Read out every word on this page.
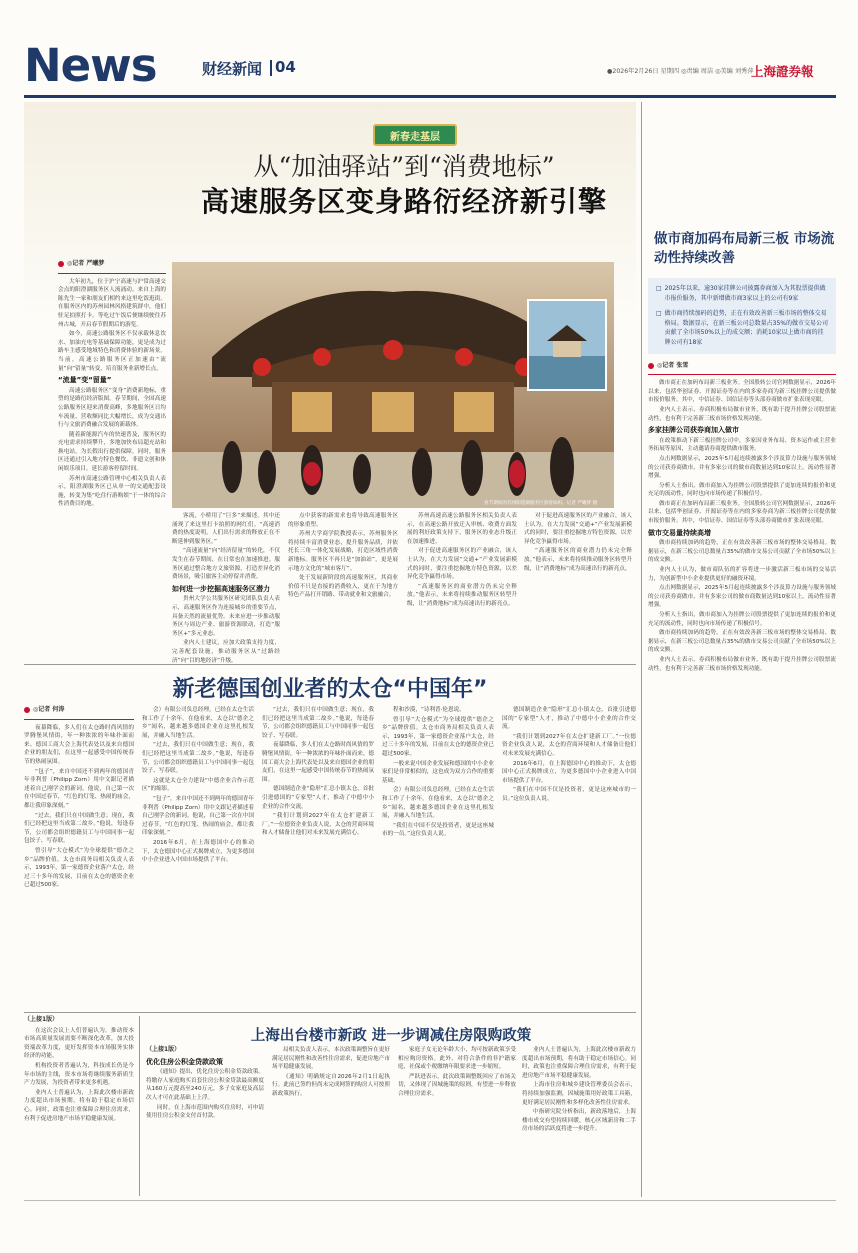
News	财经新闻 04	●2026年2月26日 星期四 ◎责编 周洁 ◎美编 刘秀萍
上海證券報
新春走基层
从“加油驿站”到“消费地标”
高速服务区变身路衍经济新引擎
◎记者 严曦梦

大年初九，位于沪宁高速与沪常高速交会点的阳澄湖服务区人流涌动。来自上海的陈先生一家和朋友们相约来这里吃饭逛街。在服务区内的苏州园林风格建筑群中，他们驻足拍照打卡，等吃过午饭后便继续驶往苏州古城，开启春节假期后的游览。

如今，高速公路服务区不仅承载休息饮水、加油充电等基础保障功能，更是成为过路车主感受地域特色和消费体验的新场景。当前，高速公路服务区正加速由“流量”向“留量”转变，培育服务业新增长点。

“流量”变“留量”

高速公路服务区“变身”消费新地标，重塑的是路衍经济版图。春节期间，全国高速公路服务区迎来消费高峰，多地服务区日均车流量、营收额同比大幅增长，成为交通出行与文旅消费融合发展的新载体。

随着新能源汽车的快速普及，服务区的充电需求持续攀升，多地加快布局超充站和换电站，为长假出行提供保障。同时，服务区还通过引入地方特色餐饮、非遗文创和休闲娱乐项目，延长游客停留时间。

苏州市高速公路管理中心相关负责人表示，阳澄湖服务区已从单一的交通配套设施，转变为集“吃住行游购娱”于一体的综合性消费目的地。	春节期间的苏州阳澄湖服务区游客如织。记者 严曦梦 摄

客流，小桥用了“巨多”来描述。其中还涌现了来这里打卡拍照的网红们。“高速消费的热度说明，人们出行需求的释放正在不断延伸到服务区。”

“高速流量”向“经济留量”的转化，不仅发生在春节期间，在日常也在加速推进。服务区通过整合地方文旅资源，打造差异化消费场景，吸引旅客主动停留并消费。

如何进一步挖掘高速服务区潜力

贵州大学公共服务区研究团队负责人表示，高速服务区作为连接城乡的重要节点，具备天然的流量优势。未来应进一步推动服务区与周边产业、旅游资源联动，打造“服务区+”多元业态。

业内人士建议，应加大政策支持力度，完善配套设施，推动服务区从“过路经济”向“目的地经济”升级。

点中获客的新需求也将导致高速服务区的形象重塑。

苏州大学商学院教授表示，苏州服务区将持续丰富消费业态，提升服务品质，并依托长三角一体化发展战略，打造区域性消费新地标。服务区不再只是“加油站”，更是展示地方文化的“城市客厅”。

处于发展新阶段的高速服务区，其商业价值不只是直接的消费收入，更在于为地方特色产品打开销路、带动就业和文旅融合。

苏州高速高速公路服务区相关负责人表示，在高速公路开放迁入审核、收费方面发展的利好政策支持下，服务区的业态升级正在加速推进。

对于促进高速服务区的产业融合，该人士认为，在大力发展“交通+”产业发展新模式的同时，要注重挖掘地方特色资源，以差异化竞争赢得市场。

“高速服务区的商业潜力仍未完全释放。”他表示，未来将持续推动服务区转型升级，让“消费地标”成为高速出行的新亮点。

对于促进高速服务区的产业融合，该人士认为，在大力发展“交通+”产业发展新模式的同时，要注重挖掘地方特色资源，以差异化竞争赢得市场。

“高速服务区的商业潜力仍未完全释放。”他表示，未来将持续推动服务区转型升级，让“消费地标”成为高速出行的新亮点。

做市商加码布局新三板 市场流动性持续改善
□ 2025年以来，逾30家挂牌公司披露券商加入为其股票提供做市报价服务，其中新增做市商3家以上的公司有9家
□ 做市商持续加码的趋势，正在有效改善新三板市场的整体交易格局。数据显示，在新三板公司总数量占35%的做市交易公司贡献了全市场50%以上的成交额；消耗10家以上做市商的挂牌公司有18家
◎记者 张雪

做市商正在加码布局新三板业务。全国股转公司官网数据显示，2026年以来，包括华创证券、开源证券等在内的多家券商为新三板挂牌公司提供做市报价服务。其中，中信证券、国信证券等头部券商做市扩张表现亮眼。

业内人士表示，券商积极布局做市业务，既有助于提升挂牌公司股票流动性，也有利于完善新三板市场价格发现功能。

多家挂牌公司获券商加入做市

在政策推动下新三板挂牌公司中，多家因业务布局、资本运作或主营业务拓展等原因，主动邀请券商提供做市服务。

点击网数据显示，2025年5月起连续披露多个涉及算力设施与服务领域的公司获券商做市，并有多家公司的做市商数量达到10家以上，流动性显著增强。

分析人士指出，做市商加入为挂牌公司股票提供了更加连续的报价和更充足的流动性，同时也向市场传递了积极信号。

做市商正在加码布局新三板业务。全国股转公司官网数据显示，2026年以来，包括华创证券、开源证券等在内的多家券商为新三板挂牌公司提供做市报价服务。其中，中信证券、国信证券等头部券商做市扩张表现亮眼。

做市交易量持续高增

做市商持续加码的趋势，正在有效改善新三板市场的整体交易格局。数据显示，在新三板公司总数量占35%的做市交易公司贡献了全市场50%以上的成交额。

业内人士认为，做市商队伍的扩容将进一步激活新三板市场的交易活力，为创新型中小企业提供更好的融资环境。

点击网数据显示，2025年5月起连续披露多个涉及算力设施与服务领域的公司获券商做市，并有多家公司的做市商数量达到10家以上，流动性显著增强。

分析人士指出，做市商加入为挂牌公司股票提供了更加连续的报价和更充足的流动性，同时也向市场传递了积极信号。

做市商持续加码的趋势，正在有效改善新三板市场的整体交易格局。数据显示，在新三板公司总数量占35%的做市交易公司贡献了全市场50%以上的成交额。

业内人士表示，券商积极布局做市业务，既有助于提升挂牌公司股票流动性，也有利于完善新三板市场价格发现功能。

新老德国创业者的太仓“中国年”
◎记者 何涛

夜幕降临，多人们在太仓路时尚风情的罗腾堡风情街，年一种浓浓的年味扑面而来。德国工商大会上海代表处以及来自德国企业的朋友们，在这里一起感受中国传统春节的热闹氛围。

“包子”，来自中国还不到两年的德国青年非利普（Philipp Zorn）用中文跟记者描述着自己刚学会的新词。他说，自己第一次在中国过春节，“红色的灯笼、热闹的庙会，都让我印象深刻。”

“过去，我们只在中国做生意；现在，我们已经把这里当成第二故乡。”他说，每逢春节，公司都会组织德籍员工与中国同事一起包饺子、写春联。

曾引导“大仓模式”为全球提供“德企之乡”品牌价值。太仓市商务局相关负责人表示，1993年，第一家德资企业落户太仓，经过三十多年的发展，目前在太仓的德资企业已超过500家。

会）有限公司负总经理，已经在太仓生活和工作了十余年。在他看来，太仓以“德企之乡”闻名，越来越多德国企业在这里扎根发展，并融入当地生活。

“过去，我们只在中国做生意；现在，我们已经把这里当成第二故乡。”他说，每逢春节，公司都会组织德籍员工与中国同事一起包饺子、写春联。

这就是太仓全力建设“中德企业合作示范区”的缩影。

“包子”，来自中国还不到两年的德国青年非利普（Philipp Zorn）用中文跟记者描述着自己刚学会的新词。他说，自己第一次在中国过春节，“红色的灯笼、热闹的庙会，都让我印象深刻。”

2016年6月，在上海德国中心的推动下，太仓德国中心正式揭牌成立，为更多德国中小企业进入中国市场提供了平台。

“过去，我们只在中国做生意；现在，我们已经把这里当成第二故乡。”他说，每逢春节，公司都会组织德籍员工与中国同事一起包饺子、写春联。

夜幕降临，多人们在太仓路时尚风情的罗腾堡风情街，年一种浓浓的年味扑面而来。德国工商大会上海代表处以及来自德国企业的朋友们，在这里一起感受中国传统春节的热闹氛围。

德国制造企业“隐形”汇总小镇太仓，首批引进德国的“专家型”人才，推动了中德中小企业的合作交流。

“我们计划到2027年在太仓扩建新工厂。”一位德资企业负责人说，太仓的营商环境和人才储备让他们对未来发展充满信心。

程和沙漠，“诗利普·伦恩说。

曾引导“大仓模式”为全球提供“德企之乡”品牌价值。太仓市商务局相关负责人表示，1993年，第一家德资企业落户太仓，经过三十多年的发展，目前在太仓的德资企业已超过500家。

一般来说中国企业发展和德国的中小企业家们是非常相似的，这也成为双方合作的重要基础。

会）有限公司负总经理，已经在太仓生活和工作了十余年。在他看来，太仓以“德企之乡”闻名，越来越多德国企业在这里扎根发展，并融入当地生活。

“我们在中国不仅是投资者，更是这座城市的一员。”这位负责人说。

德国制造企业“隐形”汇总小镇太仓，首批引进德国的“专家型”人才，推动了中德中小企业的合作交流。

“我们计划到2027年在太仓扩建新工厂。”一位德资企业负责人说，太仓的营商环境和人才储备让他们对未来发展充满信心。

2016年6月，在上海德国中心的推动下，太仓德国中心正式揭牌成立，为更多德国中小企业进入中国市场提供了平台。

“我们在中国不仅是投资者，更是这座城市的一员。”这位负责人说。

（上接1版）

在这次会议上人们普遍认为，推动资本市场高质量发展需要不断深化改革，加大投资端改革力度，更好发挥资本市场服务实体经济的功能。

机构投资者普遍认为，科技成长仍是今年市场的主线，资本市场将继续服务新质生产力发展，为投资者带来更多机遇。

业内人士普遍认为，上海此次楼市新政力度超出市场预期，将有助于稳定市场信心。同时，政策也注重保障合理住房需求，有利于促进房地产市场平稳健康发展。

上海出台楼市新政 进一步调减住房限购政策
（上接1版）
优化住房公积金贷款政策

《通知》提出，优化住房公积金贷款政策。将缴存人家庭购买首套住房公积金贷款最高额度从160万元提高至240万元，多子女家庭及高层次人才可在此基础上上浮。

同时，在上海市范围内购买住房时，可申请使用住房公积金支付首付款。

局相关负责人表示，本次政策调整旨在更好满足居民刚性和改善性住房需求，促进房地产市场平稳健康发展。

《通知》明确规定自2026年2月1日起执行。此前已签约但尚未完成网签的购房人可按照新政策执行。

家庭子女无论年龄大小，均可按新政策享受相应购房资格。此外，对符合条件的非沪籍家庭，社保或个税缴纳年限要求进一步缩短。

严跃进表示，此次政策调整既回应了市场关切，又体现了因城施策的原则，有望进一步释放合理住房需求。

业内人士普遍认为，上海此次楼市新政力度超出市场预期，将有助于稳定市场信心。同时，政策也注重保障合理住房需求，有利于促进房地产市场平稳健康发展。

上海市住房和城乡建设管理委员会表示，将持续加强监测，因城施策用好政策工具箱，更好满足居民刚性和多样化改善性住房需求。

中指研究院分析指出，新政落地后，上海楼市成交有望持续回暖，核心区域新房和二手房市场的活跃度将进一步提升。
